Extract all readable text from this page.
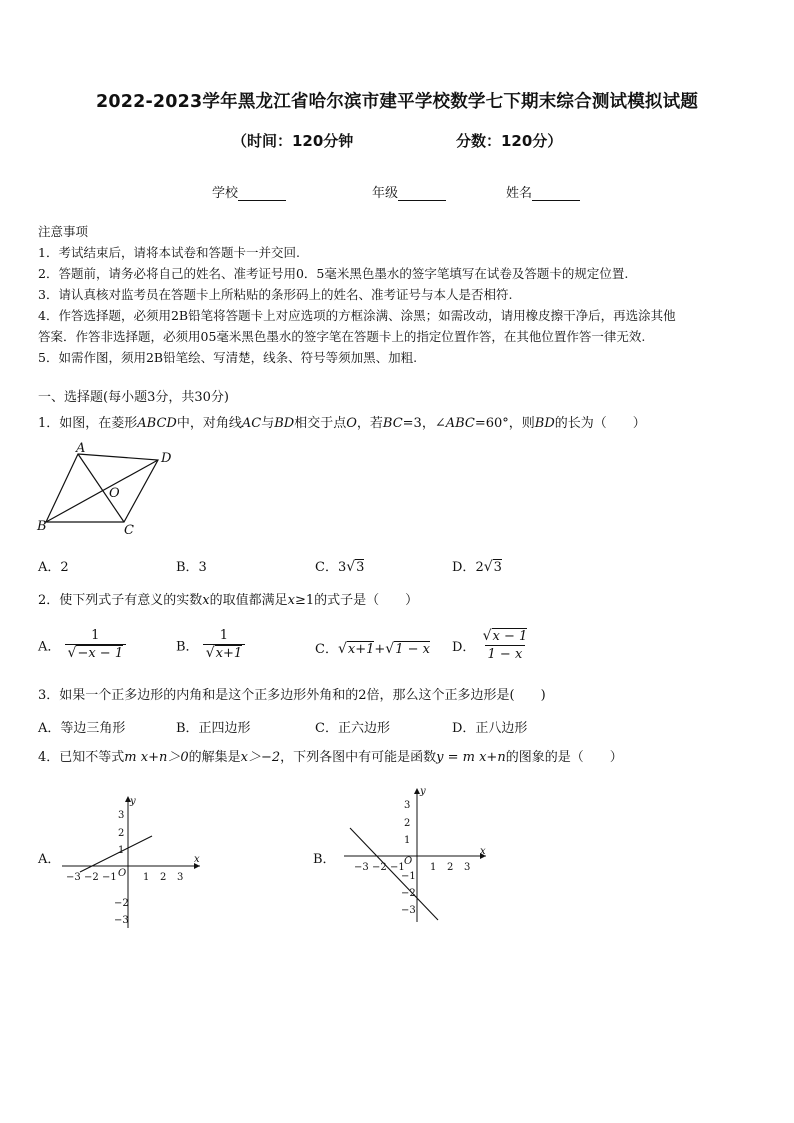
2022-2023学年黑龙江省哈尔滨市建平学校数学七下期末综合测试模拟试题
（时间：120分钟	分数：120分）
学校	年级	姓名
注意事项
1．考试结束后，请将本试卷和答题卡一并交回.
2．答题前，请务必将自己的姓名、准考证号用0．5毫米黑色墨水的签字笔填写在试卷及答题卡的规定位置.
3．请认真核对监考员在答题卡上所粘贴的条形码上的姓名、准考证号与本人是否相符.
4．作答选择题，必须用2B铅笔将答题卡上对应选项的方框涂满、涂黑；如需改动，请用橡皮擦干净后，再选涂其他
答案．作答非选择题，必须用05毫米黑色墨水的签字笔在答题卡上的指定位置作答，在其他位置作答一律无效.
5．如需作图，须用2B铅笔绘、写清楚，线条、符号等须加黑、加粗.
一、选择题(每小题3分，共30分)
1．如图，在菱形ABCD中，对角线AC与BD相交于点O，若BC=3，∠ABC=60°，则BD的长为（　　）
A
D
B	C
O
A．2	B．3	C．3√3	D．2√3
2．使下列式子有意义的实数x的取值都满足x≥1的式子是（　　）
A． $\frac{1}{√-x - 1}$	B． $\frac{1}{√x+1}$	C．√x+1+√1 − x D． $\frac{√x - 1}{1 - x}$
3．如果一个正多边形的内角和是这个正多边形外角和的2倍，那么这个正多边形是(　　)
A．等边三角形	B．正四边形	C．正六边形	D．正八边形
4．已知不等式m x+n＞0的解集是x＞−2，下列各图中有可能是函数y = m x+n的图象的是（　　）
A．
y
x
−3 −2 −1	1 2 3
O
3
2
1
−2
−3
B．
y
x
−3 −2 −1	1 2 3
O
3
2
1
−1
−2
−3
